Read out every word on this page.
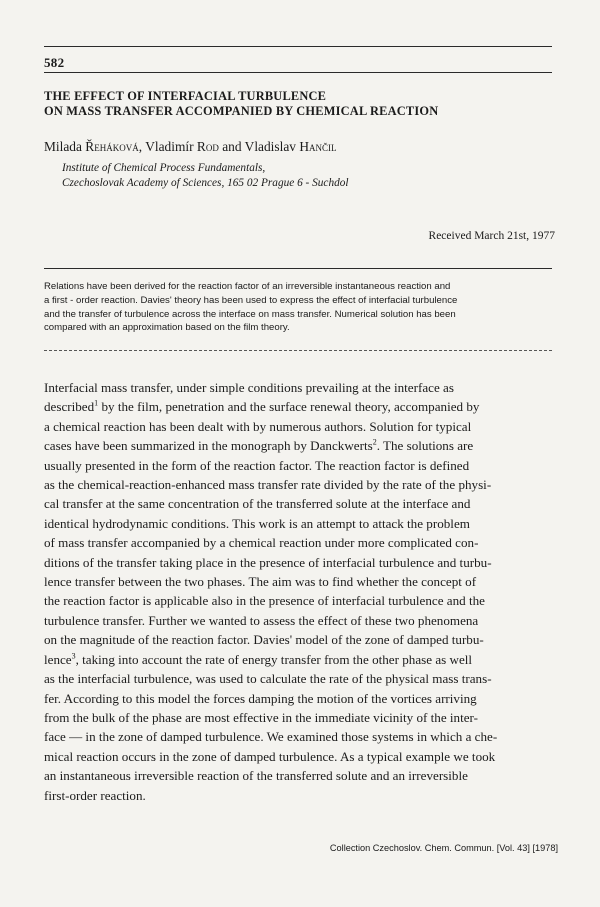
582
THE EFFECT OF INTERFACIAL TURBULENCE
ON MASS TRANSFER ACCOMPANIED BY CHEMICAL REACTION
Milada Řeháková, Vladimír Rod and Vladislav Hančil
Institute of Chemical Process Fundamentals,
Czechoslovak Academy of Sciences, 165 02 Prague 6 - Suchdol
Received March 21st, 1977
Relations have been derived for the reaction factor of an irreversible instantaneous reaction and
a first - order reaction. Davies' theory has been used to express the effect of interfacial turbulence
and the transfer of turbulence across the interface on mass transfer. Numerical solution has been
compared with an approximation based on the film theory.
Interfacial mass transfer, under simple conditions prevailing at the interface as
described$^1$ by the film, penetration and the surface renewal theory, accompanied by
a chemical reaction has been dealt with by numerous authors. Solution for typical
cases have been summarized in the monograph by Danckwerts$^2$. The solutions are
usually presented in the form of the reaction factor. The reaction factor is defined
as the chemical-reaction-enhanced mass transfer rate divided by the rate of the physi-
cal transfer at the same concentration of the transferred solute at the interface and
identical hydrodynamic conditions. This work is an attempt to attack the problem
of mass transfer accompanied by a chemical reaction under more complicated con-
ditions of the transfer taking place in the presence of interfacial turbulence and turbu-
lence transfer between the two phases. The aim was to find whether the concept of
the reaction factor is applicable also in the presence of interfacial turbulence and the
turbulence transfer. Further we wanted to assess the effect of these two phenomena
on the magnitude of the reaction factor. Davies' model of the zone of damped turbu-
lence$^3$, taking into account the rate of energy transfer from the other phase as well
as the interfacial turbulence, was used to calculate the rate of the physical mass trans-
fer. According to this model the forces damping the motion of the vortices arriving
from the bulk of the phase are most effective in the immediate vicinity of the inter-
face — in the zone of damped turbulence. We examined those systems in which a che-
mical reaction occurs in the zone of damped turbulence. As a typical example we took
an instantaneous irreversible reaction of the transferred solute and an irreversible
first-order reaction.
Collection Czechoslov. Chem. Commun. [Vol. 43] [1978]
